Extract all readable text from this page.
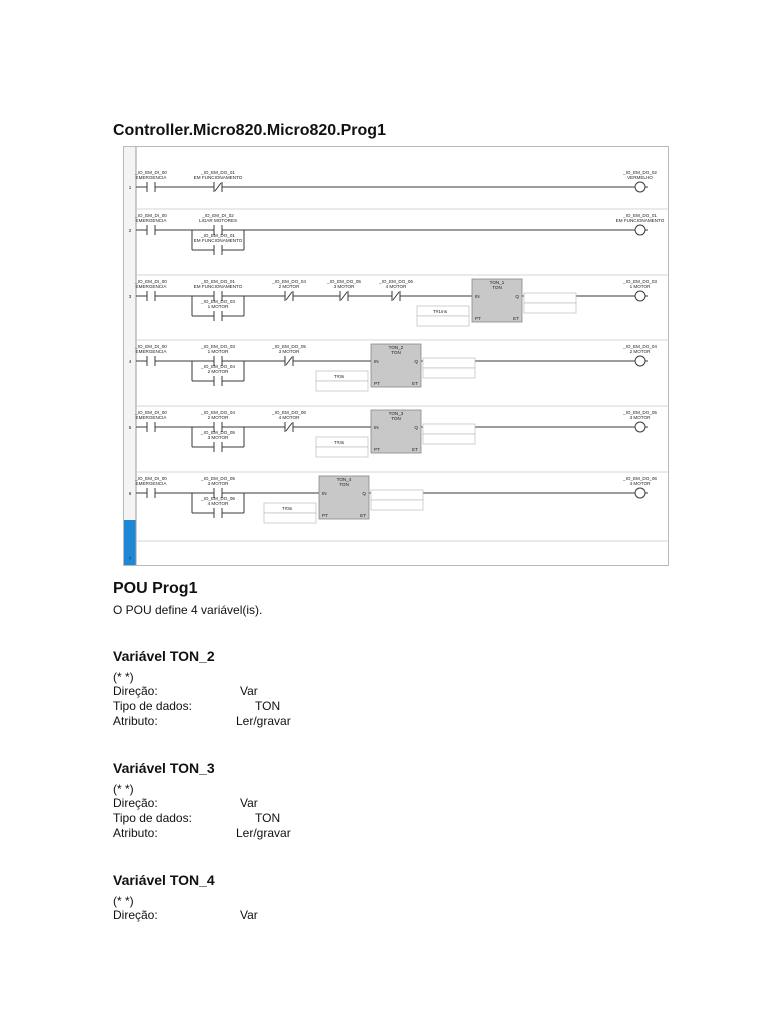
Controller.Micro820.Micro820.Prog1
1
_IO_EM_DI_00
EMERGENCIA
_IO_EM_DO_01
EM FUNCIONAMENTO
_IO_EM_DO_02
VERMELHO
2
_IO_EM_DI_00
EMERGENCIA
_IO_EM_DI_02
LIGAR MOTORES
_IO_EM_DO_01
EM FUNCIONAMENTO
_IO_EM_DO_01
EM FUNCIONAMENTO
3
_IO_EM_DI_00
EMERGENCIA
_IO_EM_DO_01
EM FUNCIONAMENTO
_IO_EM_DO_04
2 MOTOR
_IO_EM_DO_05
3 MOTOR
_IO_EM_DO_06
4 MOTOR
_IO_EM_DO_03
1 MOTOR
TON_1
TON
IN	Q
PT	ET
T#1ms
_IO_EM_DO_03
1 MOTOR
4
_IO_EM_DI_00
EMERGENCIA
_IO_EM_DO_03
1 MOTOR
_IO_EM_DO_05
3 MOTOR
_IO_EM_DO_04
2 MOTOR
TON_2
TON
IN	Q
PT	ET
T#3s
_IO_EM_DO_04
2 MOTOR
5
_IO_EM_DI_00
EMERGENCIA
_IO_EM_DO_04
2 MOTOR
_IO_EM_DO_06
4 MOTOR
_IO_EM_DO_05
3 MOTOR
TON_3
TON
IN	Q
PT	ET
T#3s
_IO_EM_DO_05
3 MOTOR
6
_IO_EM_DI_00
EMERGENCIA
_IO_EM_DO_05
3 MOTOR
_IO_EM_DO_06
4 MOTOR
TON_4
TON
IN	Q
PT	ET
T#3s
_IO_EM_DO_06
4 MOTOR
7
POU Prog1
O POU define 4 variável(is).
Variável TON_2
(* *)
Direção:	Var
Tipo de dados:	TON
Atributo:	Ler/gravar
Variável TON_3
(* *)
Direção:	Var
Tipo de dados:	TON
Atributo:	Ler/gravar
Variável TON_4
(* *)
Direção:	Var
